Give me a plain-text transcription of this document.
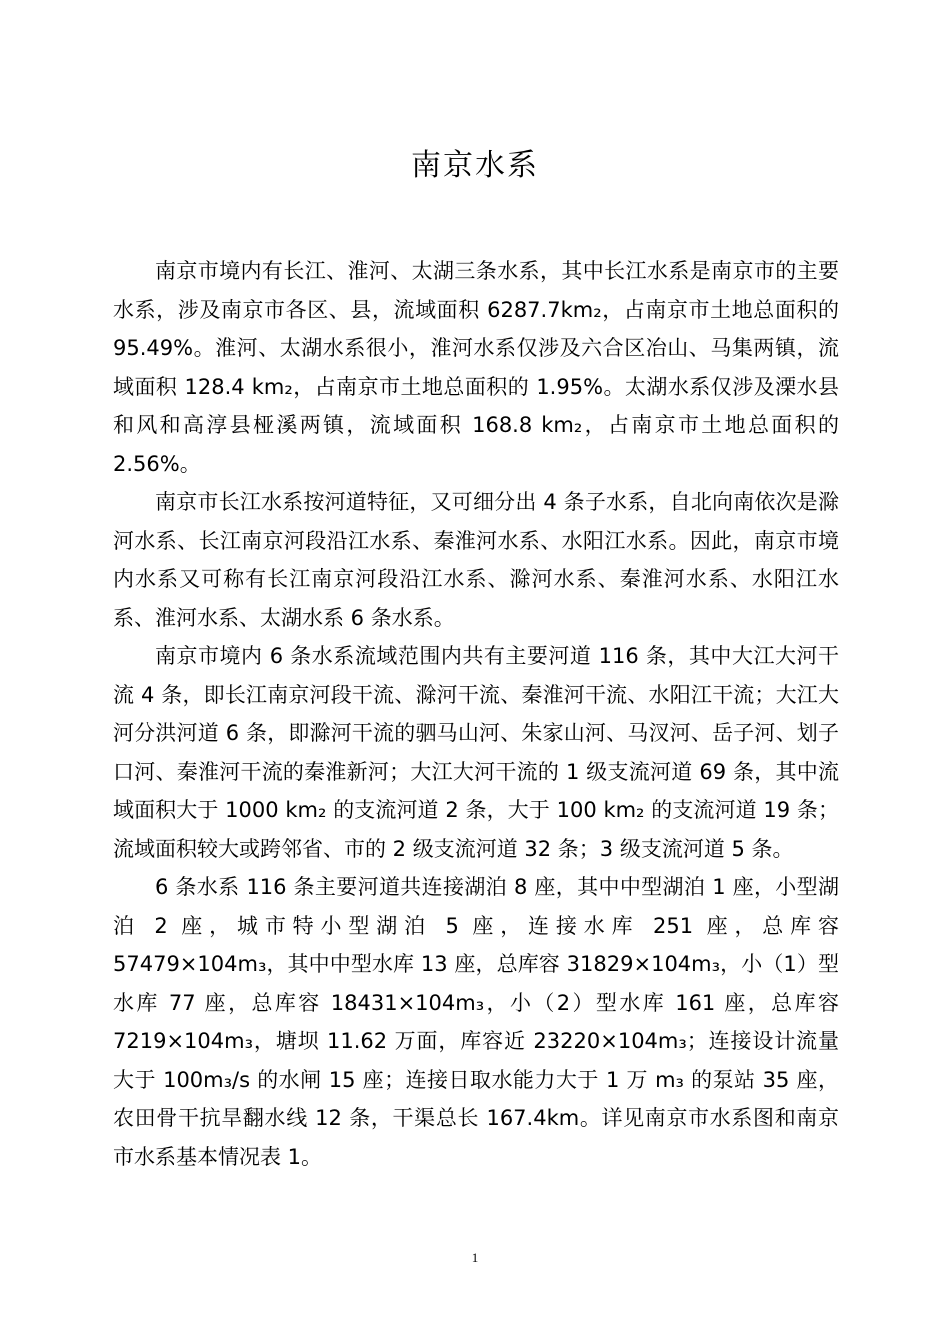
南京水系

南京市境内有长江、淮河、太湖三条水系，其中长江水系是南京市的主要水系，涉及南京市各区、县，流域面积 6287.7km₂，占南京市土地总面积的 95.49%。淮河、太湖水系很小，淮河水系仅涉及六合区冶山、马集两镇，流域面积 128.4 km₂，占南京市土地总面积的 1.95%。太湖水系仅涉及溧水县和风和高淳县桠溪两镇，流域面积 168.8 km₂，占南京市土地总面积的 2.56%。

南京市长江水系按河道特征，又可细分出 4 条子水系，自北向南依次是滁河水系、长江南京河段沿江水系、秦淮河水系、水阳江水系。因此，南京市境内水系又可称有长江南京河段沿江水系、滁河水系、秦淮河水系、水阳江水系、淮河水系、太湖水系 6 条水系。

南京市境内 6 条水系流域范围内共有主要河道 116 条，其中大江大河干流 4 条，即长江南京河段干流、滁河干流、秦淮河干流、水阳江干流；大江大河分洪河道 6 条，即滁河干流的驷马山河、朱家山河、马汊河、岳子河、划子口河、秦淮河干流的秦淮新河；大江大河干流的 1 级支流河道 69 条，其中流域面积大于 1000 km₂ 的支流河道 2 条，大于 100 km₂ 的支流河道 19 条；流域面积较大或跨邻省、市的 2 级支流河道 32 条；3 级支流河道 5 条。

6 条水系 116 条主要河道共连接湖泊 8 座，其中中型湖泊 1 座，小型湖泊 2 座，城市特小型湖泊 5 座，连接水库 251 座，总库容 57479×104m₃，其中中型水库 13 座，总库容 31829×104m₃，小（1）型水库 77 座，总库容 18431×104m₃，小（2）型水库 161 座，总库容 7219×104m₃，塘坝 11.62 万面，库容近 23220×104m₃；连接设计流量大于 100m₃/s 的水闸 15 座；连接日取水能力大于 1 万 m₃ 的泵站 35 座，农田骨干抗旱翻水线 12 条，干渠总长 167.4km。详见南京市水系图和南京市水系基本情况表 1。

1
